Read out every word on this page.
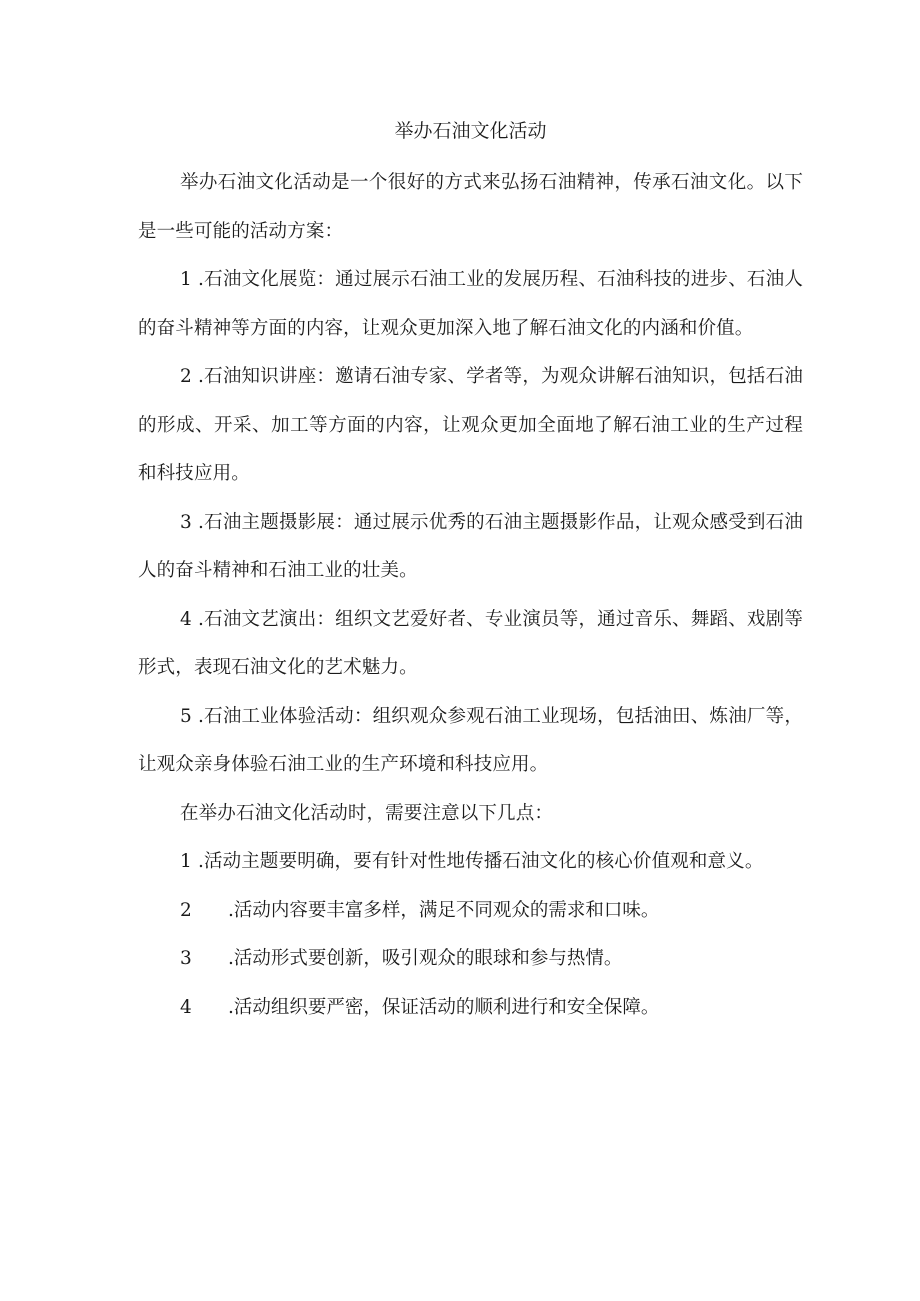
举办石油文化活动

举办石油文化活动是一个很好的方式来弘扬石油精神，传承石油文化。以下是一些可能的活动方案：

1 .石油文化展览：通过展示石油工业的发展历程、石油科技的进步、石油人的奋斗精神等方面的内容，让观众更加深入地了解石油文化的内涵和价值。

2 .石油知识讲座：邀请石油专家、学者等，为观众讲解石油知识，包括石油的形成、开采、加工等方面的内容，让观众更加全面地了解石油工业的生产过程和科技应用。

3 .石油主题摄影展：通过展示优秀的石油主题摄影作品，让观众感受到石油人的奋斗精神和石油工业的壮美。

4 .石油文艺演出：组织文艺爱好者、专业演员等，通过音乐、舞蹈、戏剧等形式，表现石油文化的艺术魅力。

5 .石油工业体验活动：组织观众参观石油工业现场，包括油田、炼油厂等，让观众亲身体验石油工业的生产环境和科技应用。

在举办石油文化活动时，需要注意以下几点：

1 .活动主题要明确，要有针对性地传播石油文化的核心价值观和意义。

2 .活动内容要丰富多样，满足不同观众的需求和口味。

3 .活动形式要创新，吸引观众的眼球和参与热情。

4 .活动组织要严密，保证活动的顺利进行和安全保障。
